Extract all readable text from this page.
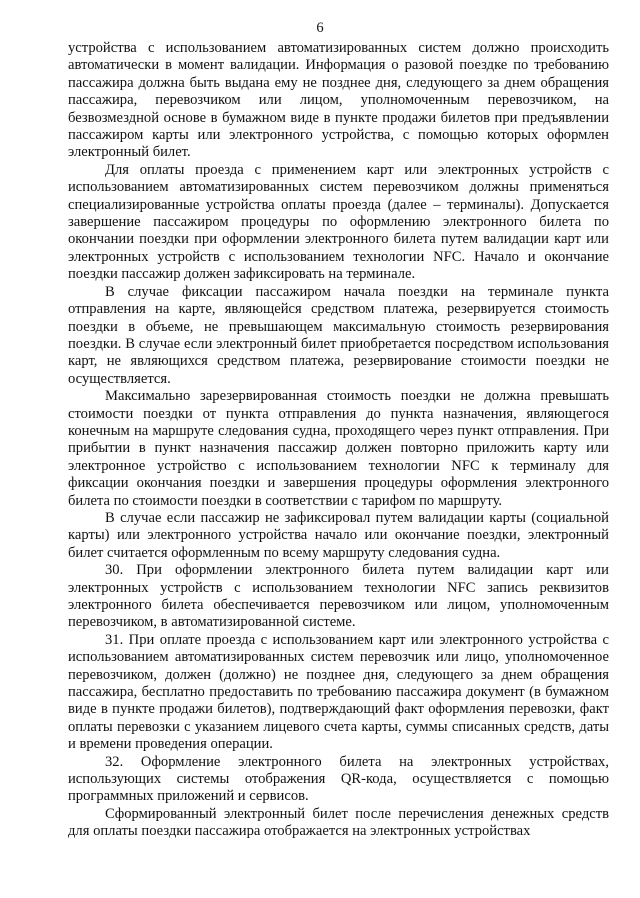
6

устройства с использованием автоматизированных систем должно происходить автоматически в момент валидации. Информация о разовой поездке по требованию пассажира должна быть выдана ему не позднее дня, следующего за днем обращения пассажира, перевозчиком или лицом, уполномоченным перевозчиком, на безвозмездной основе в бумажном виде в пункте продажи билетов при предъявлении пассажиром карты или электронного устройства, с помощью которых оформлен электронный билет.

Для оплаты проезда с применением карт или электронных устройств с использованием автоматизированных систем перевозчиком должны применяться специализированные устройства оплаты проезда (далее – терминалы). Допускается завершение пассажиром процедуры по оформлению электронного билета по окончании поездки при оформлении электронного билета путем валидации карт или электронных устройств с использованием технологии NFC. Начало и окончание поездки пассажир должен зафиксировать на терминале.

В случае фиксации пассажиром начала поездки на терминале пункта отправления на карте, являющейся средством платежа, резервируется стоимость поездки в объеме, не превышающем максимальную стоимость резервирования поездки. В случае если электронный билет приобретается посредством использования карт, не являющихся средством платежа, резервирование стоимости поездки не осуществляется.

Максимально зарезервированная стоимость поездки не должна превышать стоимости поездки от пункта отправления до пункта назначения, являющегося конечным на маршруте следования судна, проходящего через пункт отправления. При прибытии в пункт назначения пассажир должен повторно приложить карту или электронное устройство с использованием технологии NFC к терминалу для фиксации окончания поездки и завершения процедуры оформления электронного билета по стоимости поездки в соответствии с тарифом по маршруту.

В случае если пассажир не зафиксировал путем валидации карты (социальной карты) или электронного устройства начало или окончание поездки, электронный билет считается оформленным по всему маршруту следования судна.

30. При оформлении электронного билета путем валидации карт или электронных устройств с использованием технологии NFC запись реквизитов электронного билета обеспечивается перевозчиком или лицом, уполномоченным перевозчиком, в автоматизированной системе.

31. При оплате проезда с использованием карт или электронного устройства с использованием автоматизированных систем перевозчик или лицо, уполномоченное перевозчиком, должен (должно) не позднее дня, следующего за днем обращения пассажира, бесплатно предоставить по требованию пассажира документ (в бумажном виде в пункте продажи билетов), подтверждающий факт оформления перевозки, факт оплаты перевозки с указанием лицевого счета карты, суммы списанных средств, даты и времени проведения операции.

32. Оформление электронного билета на электронных устройствах, использующих системы отображения QR-кода, осуществляется с помощью программных приложений и сервисов.

Сформированный электронный билет после перечисления денежных средств для оплаты поездки пассажира отображается на электронных устройствах
